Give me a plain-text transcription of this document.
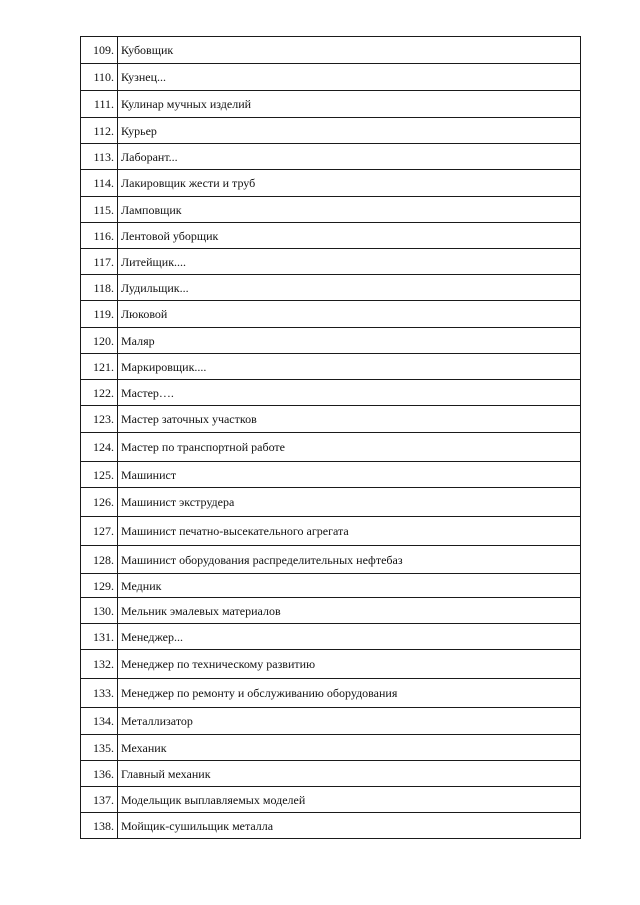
109.	Кубовщик
110.	Кузнец...
111.	Кулинар мучных изделий
112.	Курьер
113.	Лаборант...
114.	Лакировщик жести и труб
115.	Ламповщик
116.	Лентовой уборщик
117.	Литейщик....
118.	Лудильщик...
119.	Люковой
120.	Маляр
121.	Маркировщик....
122.	Мастер….
123.	Мастер заточных участков
124.	Мастер по транспортной работе
125.	Машинист
126.	Машинист экструдера
127.	Машинист печатно-высекательного агрегата
128.	Машинист оборудования распределительных нефтебаз
129.	Медник
130.	Мельник эмалевых материалов
131.	Менеджер...
132.	Менеджер по техническому развитию
133.	Менеджер по ремонту и обслуживанию оборудования
134.	Металлизатор
135.	Механик
136.	Главный механик
137.	Модельщик выплавляемых моделей
138.	Мойщик-сушильщик металла
